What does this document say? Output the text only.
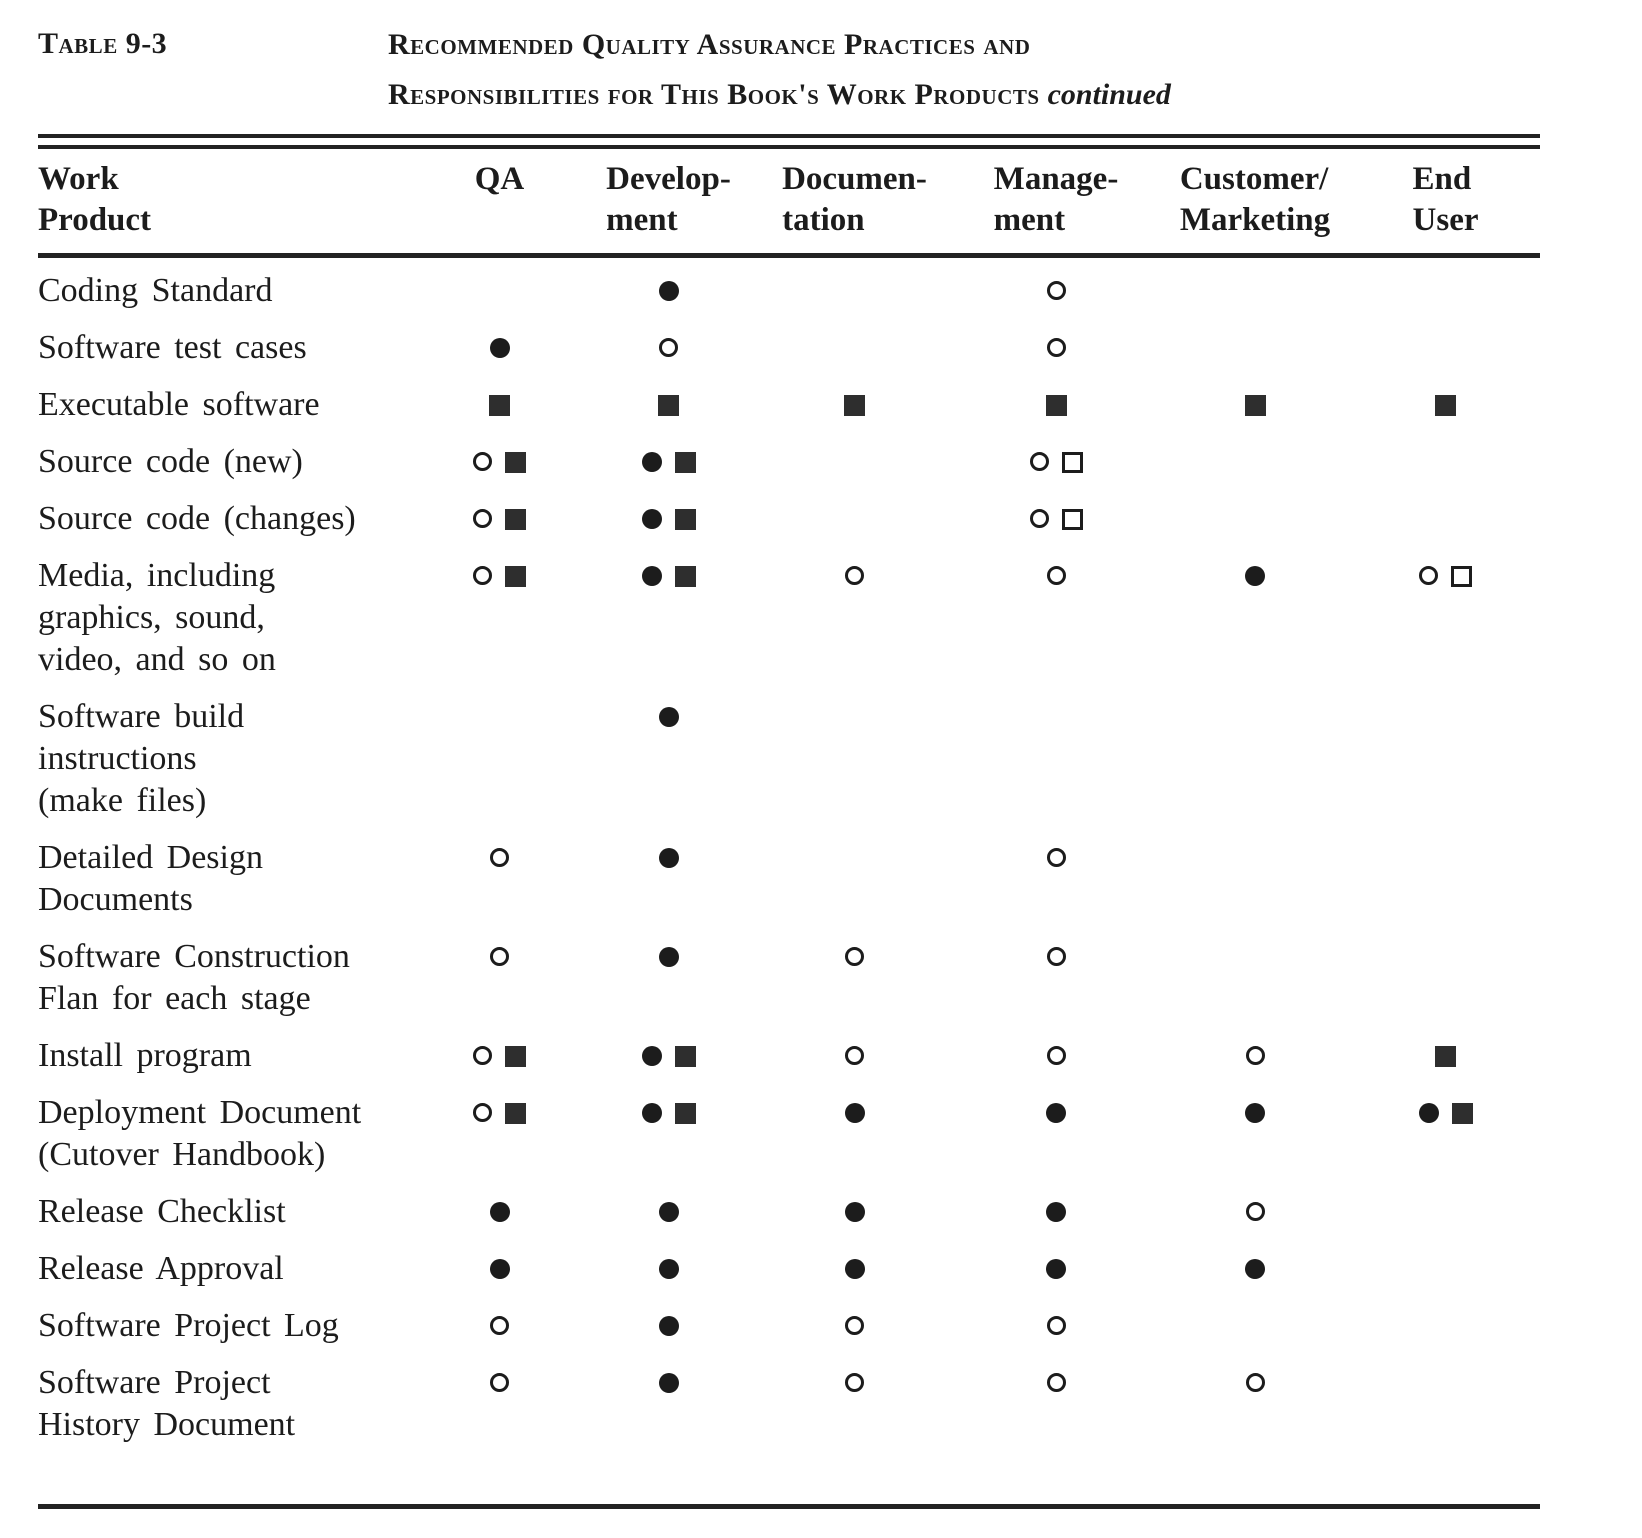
Table 9-3	Recommended Quality Assurance Practices and
Responsibilities for This Book's Work Products continued
Work
Product
QA Develop-
ment
Documen-
tation
Manage-
ment
Customer/
Marketing
End
User
Coding Standard
Software test cases
Executable software
Source code (new)
Source code (changes)
Media, including
graphics, sound,
video, and so on
Software build
instructions
(make files)
Detailed Design
Documents
Software Construction
Flan for each stage
Install program
Deployment Document
(Cutover Handbook)
Release Checklist
Release Approval
Software Project Log
Software Project
History Document
